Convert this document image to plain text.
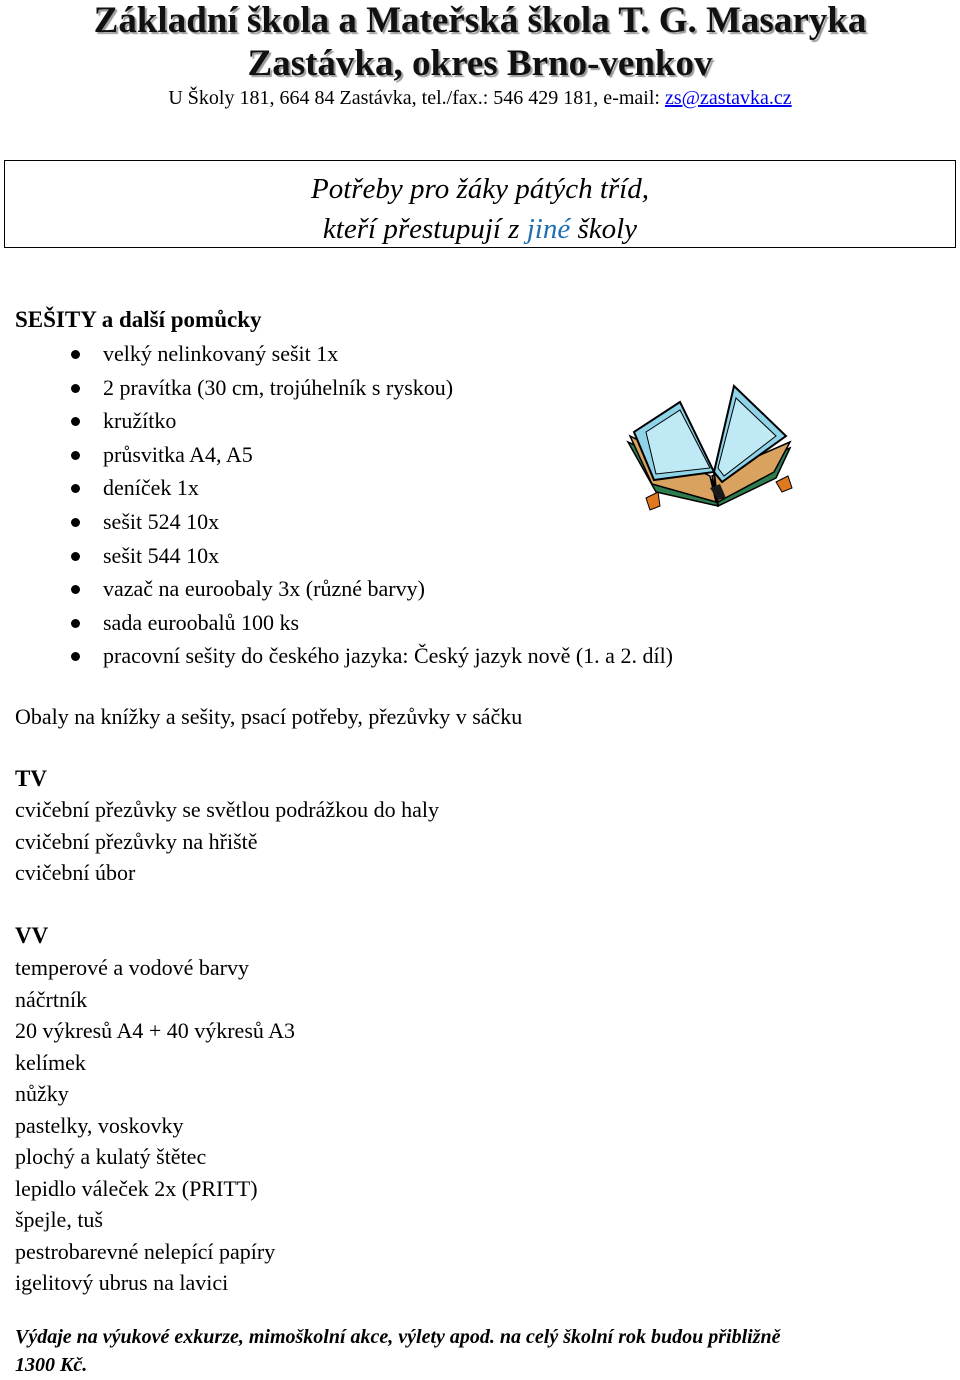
Základní škola a Mateřská škola T. G. Masaryka
Zastávka, okres Brno-venkov
U Školy 181, 664 84 Zastávka, tel./fax.: 546 429 181, e-mail: zs@zastavka.cz
Potřeby pro žáky pátých tříd,
kteří přestupují z jiné školy
SEŠITY a další pomůcky
velký nelinkovaný sešit 1x
2 pravítka (30 cm, trojúhelník s ryskou)
kružítko
průsvitka A4, A5
deníček 1x
sešit 524 10x
sešit 544 10x
vazač na euroobaly 3x (různé barvy)
sada euroobalů 100 ks
pracovní sešity do českého jazyka: Český jazyk nově (1. a 2. díl)
Obaly na knížky a sešity, psací potřeby, přezůvky v sáčku
TV
cvičební přezůvky se světlou podrážkou do haly
cvičební přezůvky na hřiště
cvičební úbor
VV
temperové a vodové barvy
náčrtník
20 výkresů A4 + 40 výkresů A3
kelímek
nůžky
pastelky, voskovky
plochý a kulatý štětec
lepidlo váleček 2x (PRITT)
špejle, tuš
pestrobarevné nelepící papíry
igelitový ubrus na lavici
Výdaje na výukové exkurze, mimoškolní akce, výlety apod. na celý školní rok budou přibližně
1300 Kč.
